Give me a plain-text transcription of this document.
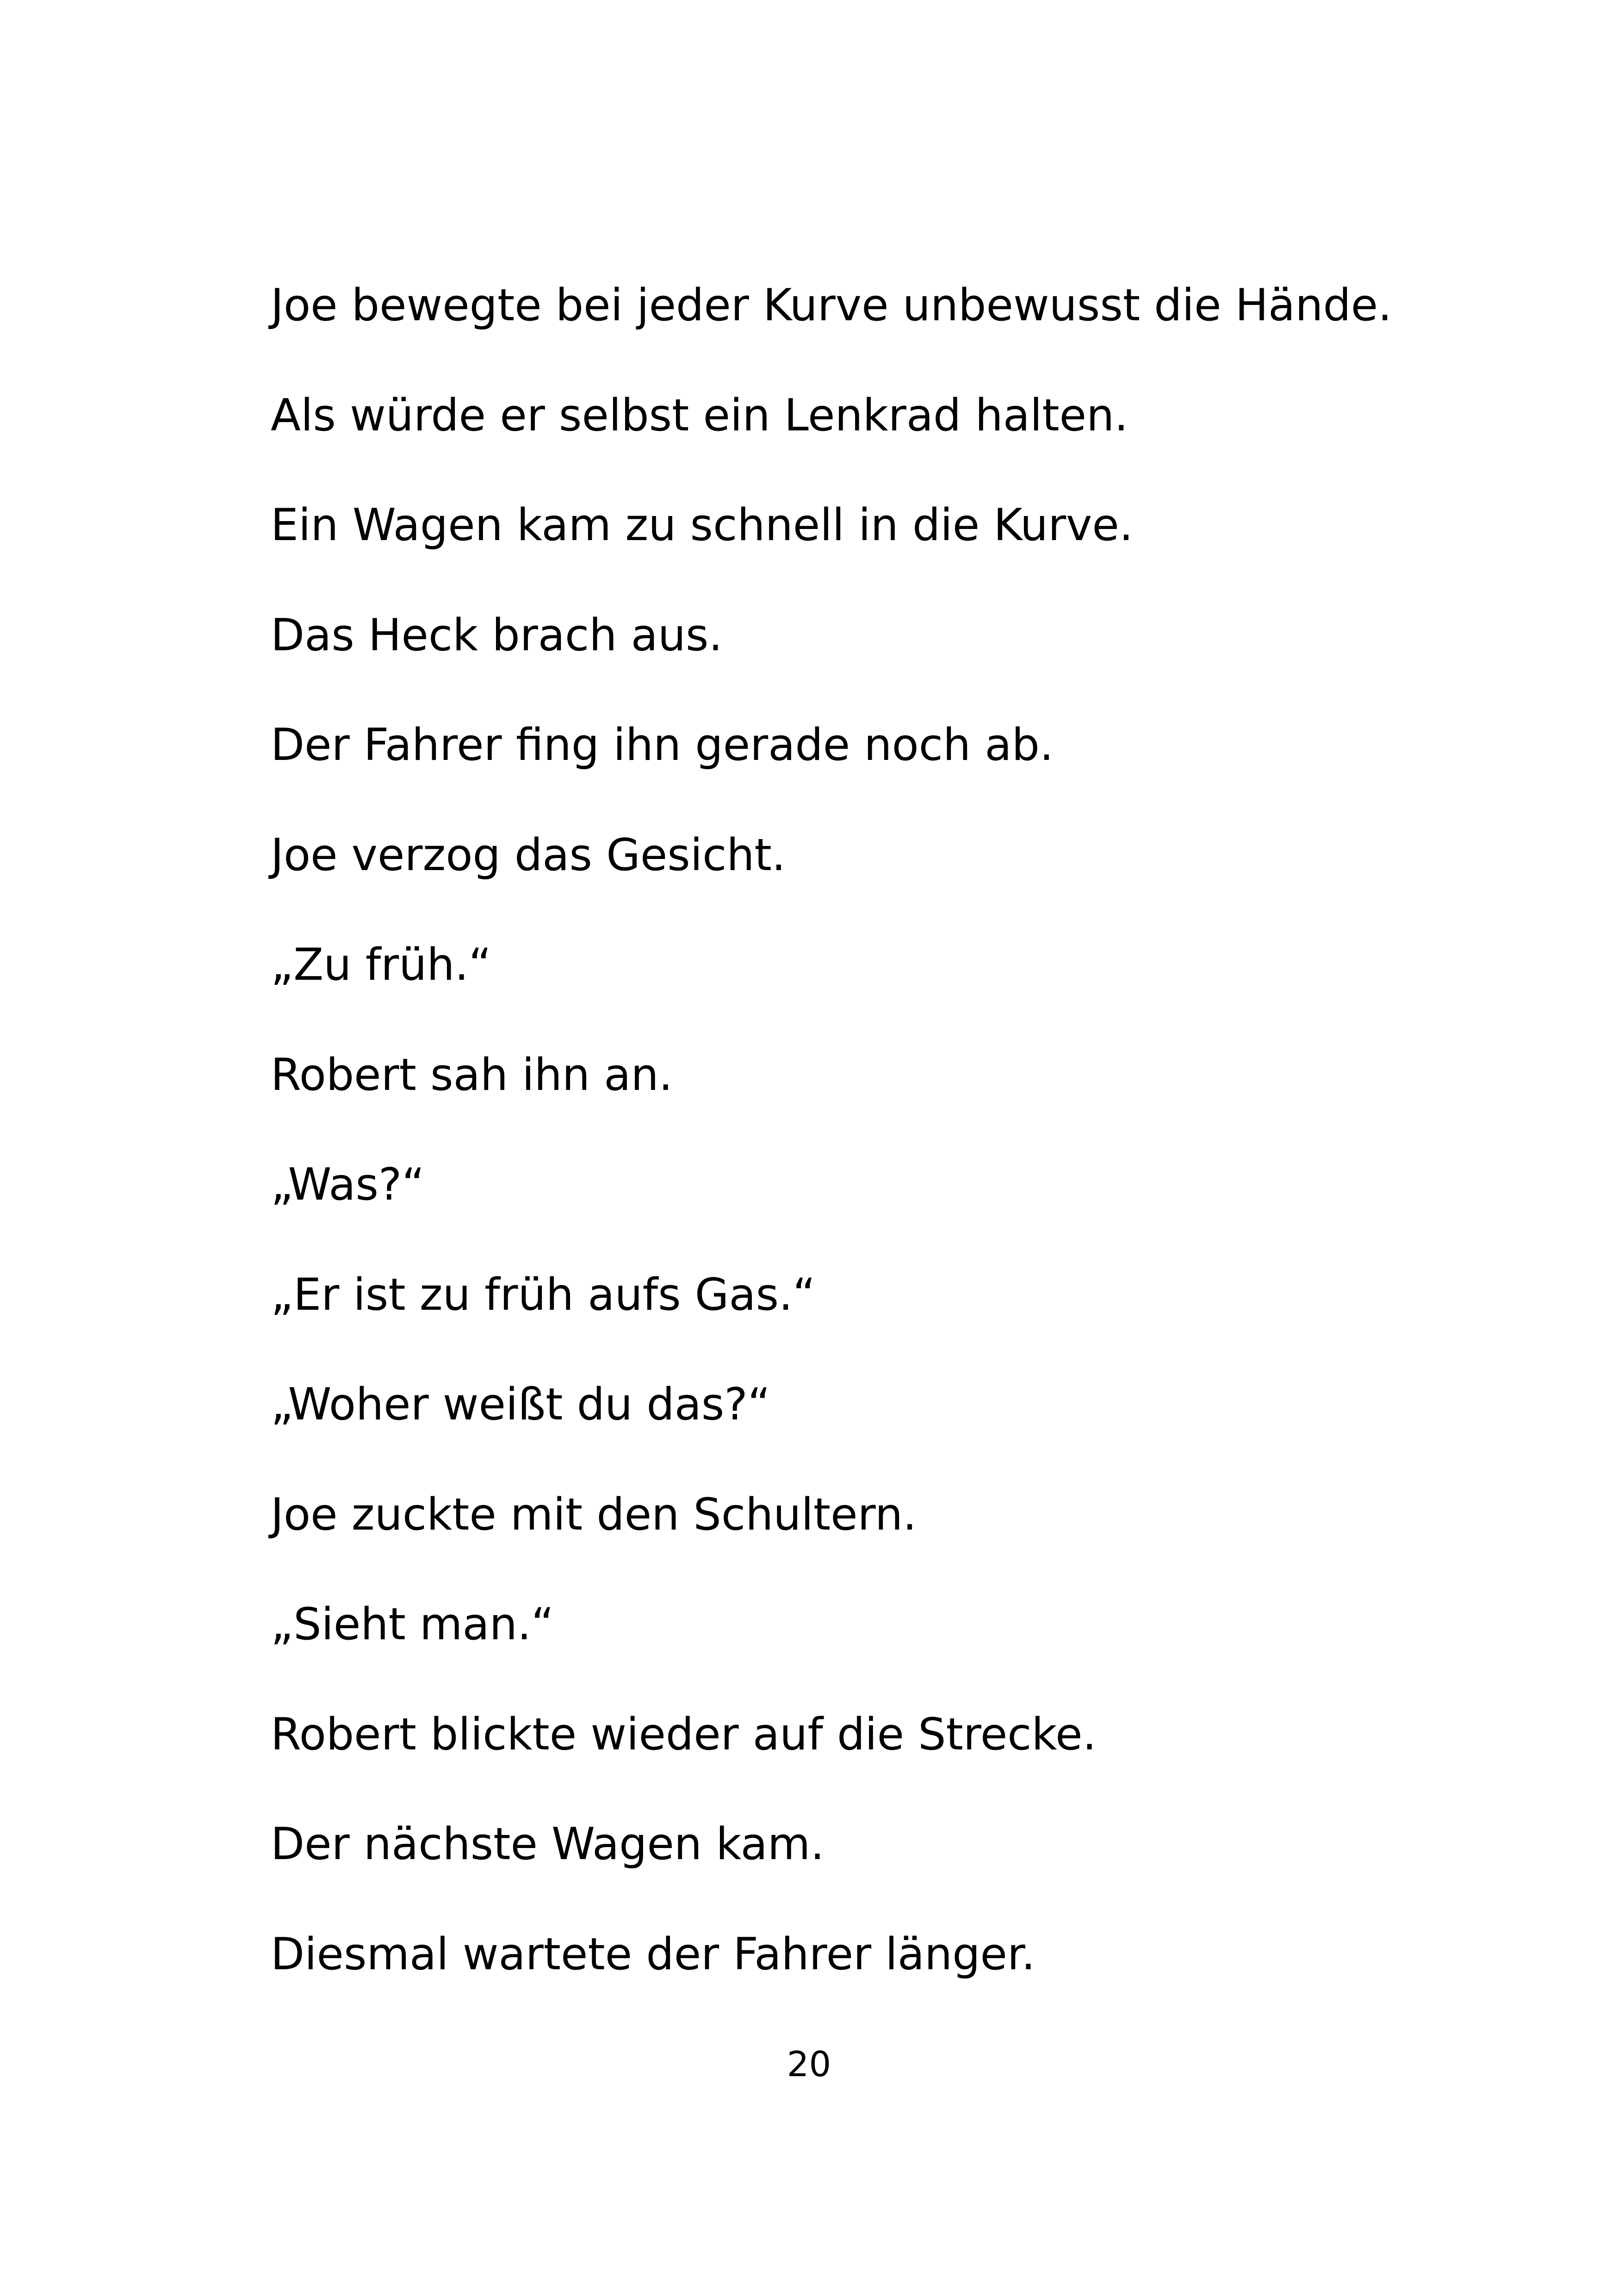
Joe bewegte bei jeder Kurve unbewusst die Hände.

Als würde er selbst ein Lenkrad halten.

Ein Wagen kam zu schnell in die Kurve.

Das Heck brach aus.

Der Fahrer fing ihn gerade noch ab.

Joe verzog das Gesicht.

„Zu früh.“

Robert sah ihn an.

„Was?“

„Er ist zu früh aufs Gas.“

„Woher weißt du das?“

Joe zuckte mit den Schultern.

„Sieht man.“

Robert blickte wieder auf die Strecke.

Der nächste Wagen kam.

Diesmal wartete der Fahrer länger.

20
